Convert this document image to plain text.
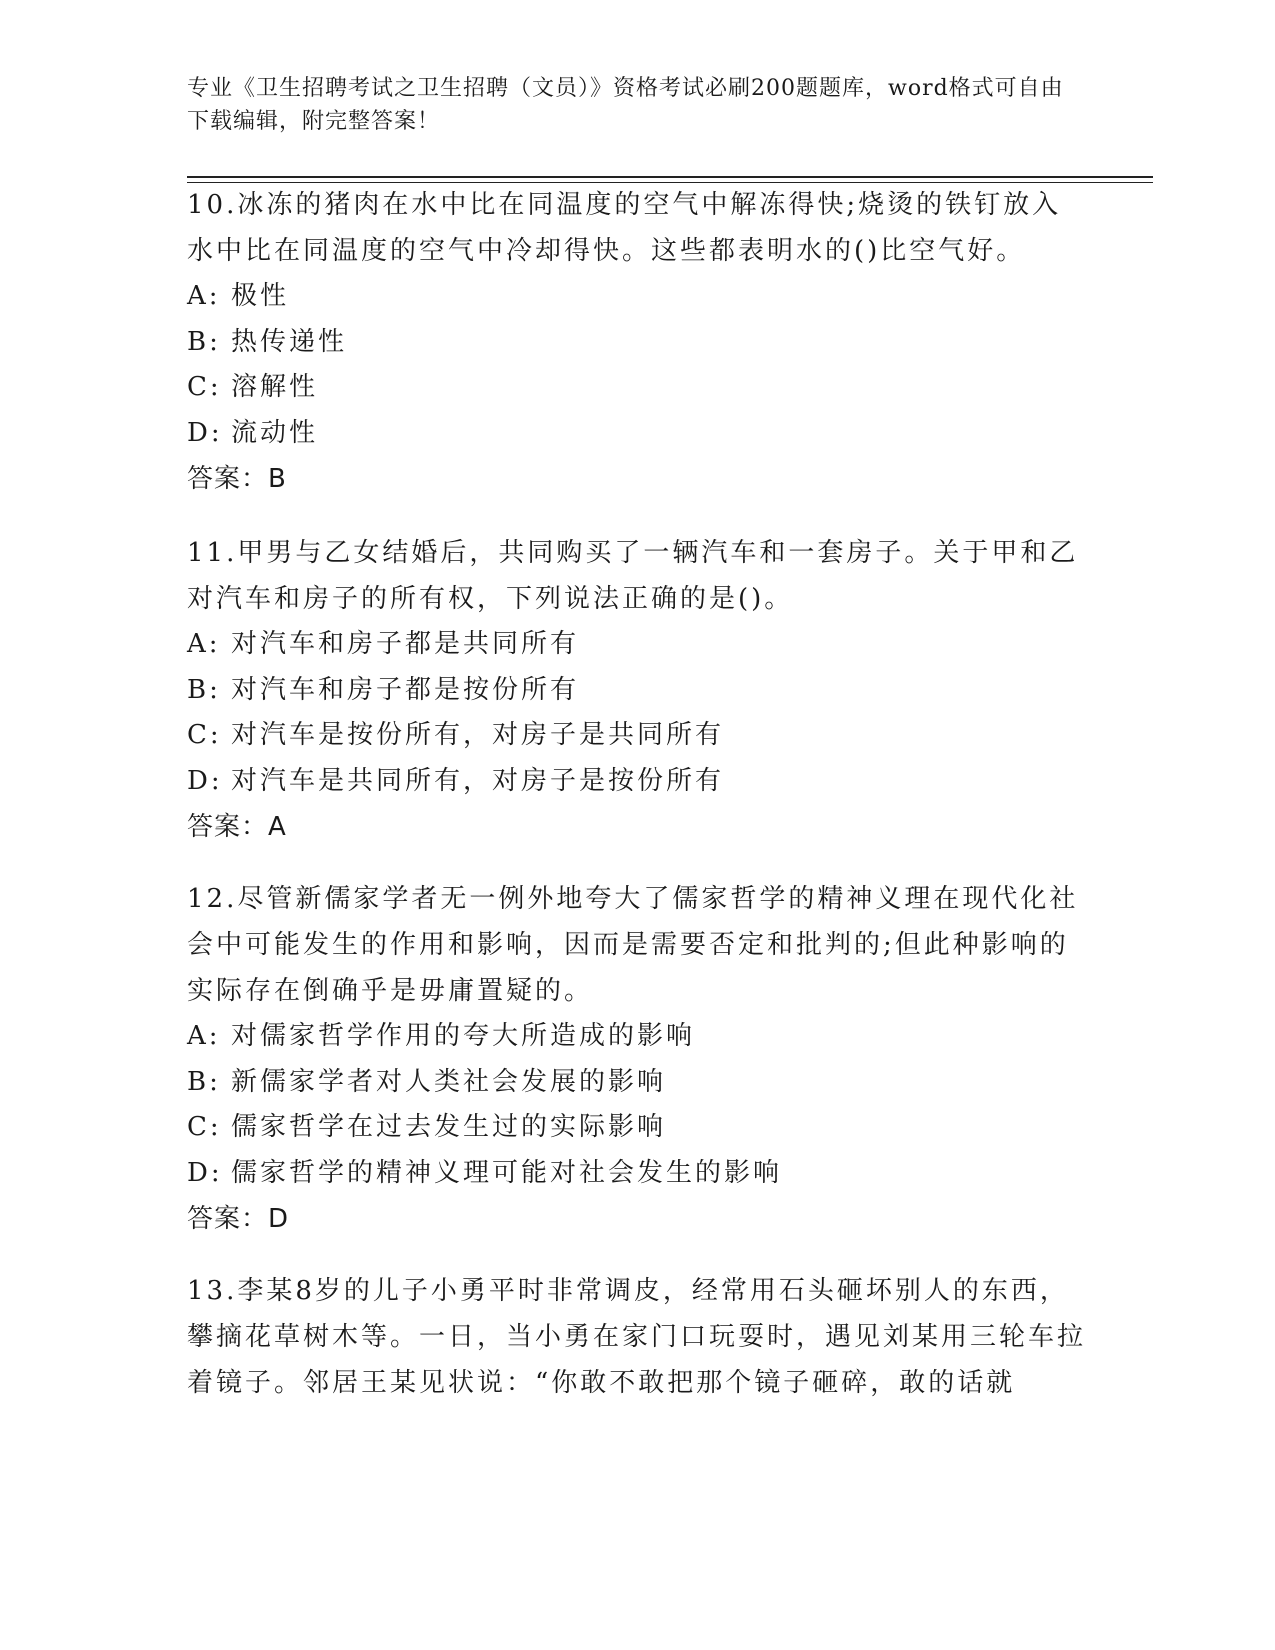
专业《卫生招聘考试之卫生招聘（文员）》资格考试必刷200题题库，word格式可自由下载编辑，附完整答案！
10.冰冻的猪肉在水中比在同温度的空气中解冻得快;烧烫的铁钉放入水中比在同温度的空气中冷却得快。这些都表明水的()比空气好。
A: 极性
B: 热传递性
C: 溶解性
D: 流动性
答案：B
11.甲男与乙女结婚后，共同购买了一辆汽车和一套房子。关于甲和乙对汽车和房子的所有权，下列说法正确的是()。
A: 对汽车和房子都是共同所有
B: 对汽车和房子都是按份所有
C: 对汽车是按份所有，对房子是共同所有
D: 对汽车是共同所有，对房子是按份所有
答案：A
12.尽管新儒家学者无一例外地夸大了儒家哲学的精神义理在现代化社会中可能发生的作用和影响，因而是需要否定和批判的;但此种影响的实际存在倒确乎是毋庸置疑的。
A: 对儒家哲学作用的夸大所造成的影响
B: 新儒家学者对人类社会发展的影响
C: 儒家哲学在过去发生过的实际影响
D: 儒家哲学的精神义理可能对社会发生的影响
答案：D
13.李某8岁的儿子小勇平时非常调皮，经常用石头砸坏别人的东西，攀摘花草树木等。一日，当小勇在家门口玩耍时，遇见刘某用三轮车拉着镜子。邻居王某见状说：“你敢不敢把那个镜子砸碎，敢的话就
